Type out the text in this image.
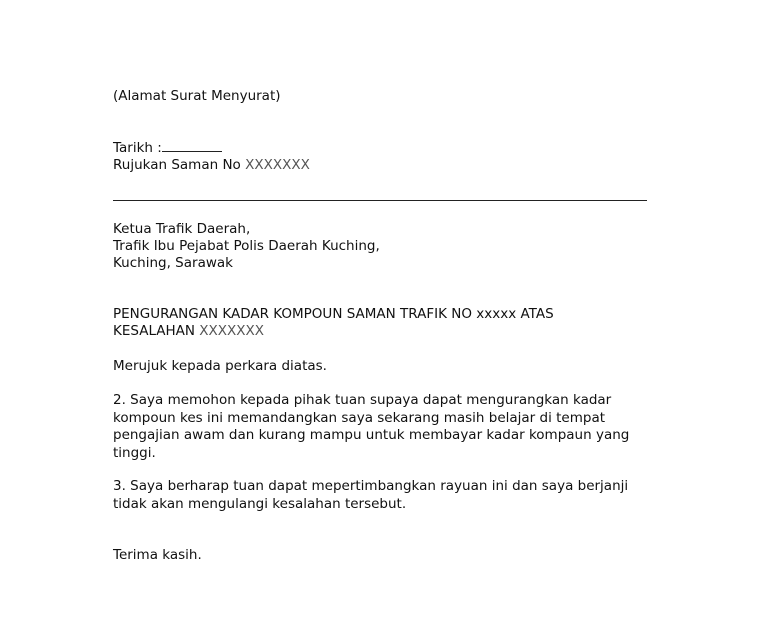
(Alamat Surat Menyurat)
Tarikh :
Rujukan Saman No XXXXXXX
Ketua Trafik Daerah,
Trafik Ibu Pejabat Polis Daerah Kuching,
Kuching, Sarawak
PENGURANGAN KADAR KOMPOUN SAMAN TRAFIK NO xxxxx ATAS
KESALAHAN XXXXXXX
Merujuk kepada perkara diatas.
2. Saya memohon kepada pihak tuan supaya dapat mengurangkan kadar kompoun kes ini memandangkan saya sekarang masih belajar di tempat pengajian awam dan kurang mampu untuk membayar kadar kompaun yang tinggi.
3. Saya berharap tuan dapat mepertimbangkan rayuan ini dan saya berjanji tidak akan mengulangi kesalahan tersebut.
Terima kasih.
